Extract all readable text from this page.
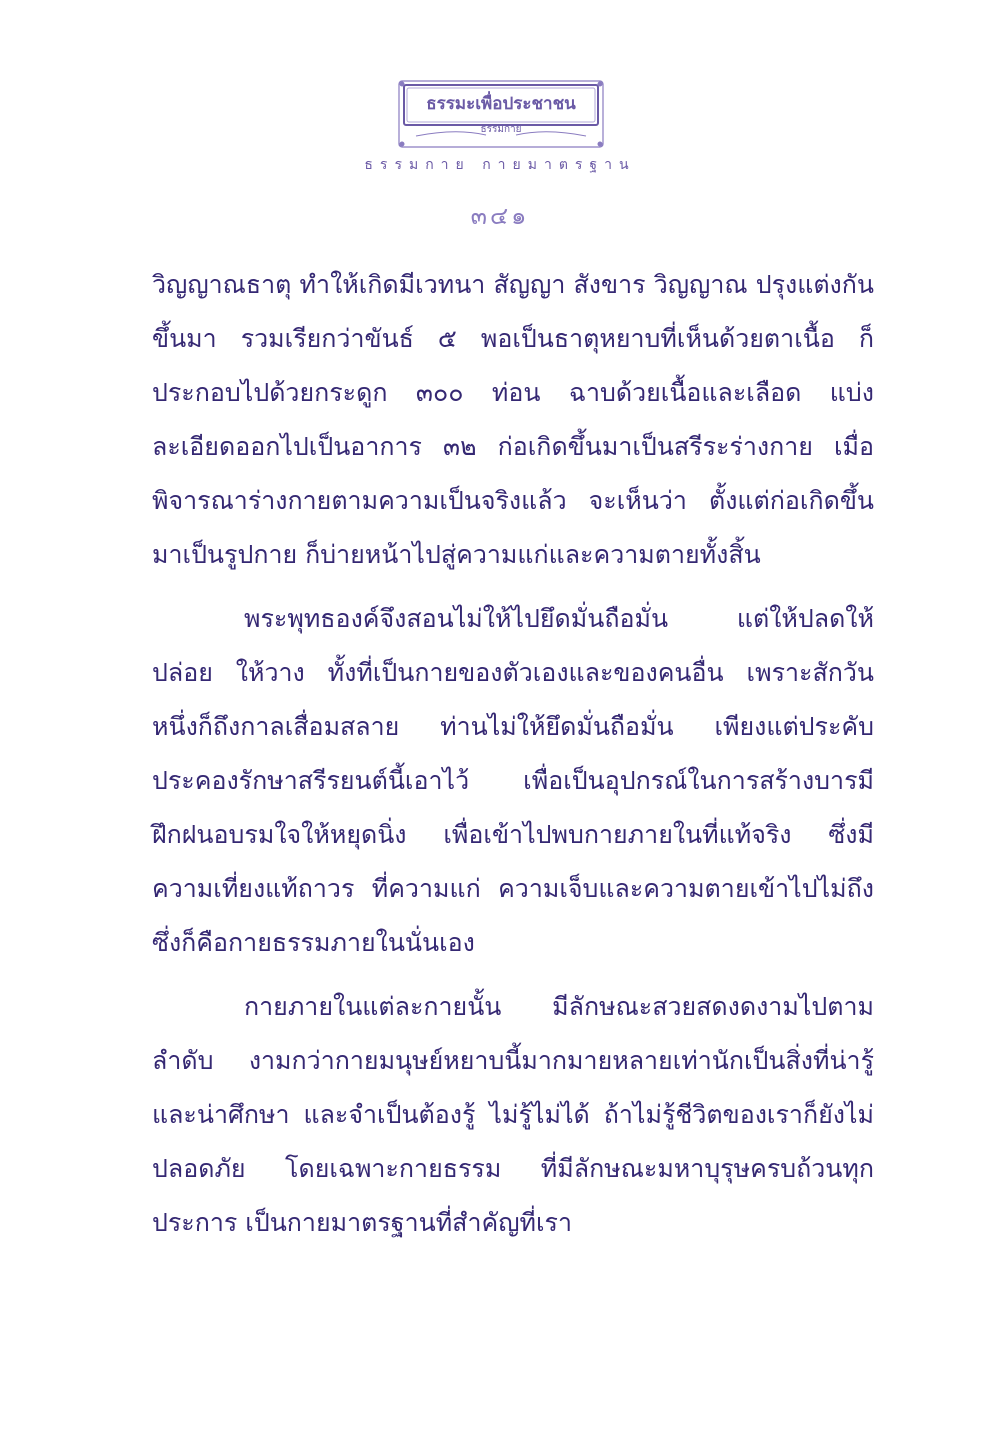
ธรรมะเพื่อประชาชน
ธรรมกาย
ธรรมกาย กายมาตรฐาน
๓๔๑

วิญญาณธาตุ ทำให้เกิดมีเวทนา สัญญา สังขาร วิญญาณ ปรุงแต่งกันขึ้นมา รวมเรียกว่าขันธ์ ๕ พอเป็นธาตุหยาบที่เห็นด้วยตาเนื้อ ก็ประกอบไปด้วยกระดูก ๓๐๐ ท่อน ฉาบด้วยเนื้อและเลือด แบ่งละเอียดออกไปเป็นอาการ ๓๒ ก่อเกิดขึ้นมาเป็นสรีระร่างกาย เมื่อพิจารณาร่างกายตามความเป็นจริงแล้ว จะเห็นว่า ตั้งแต่ก่อเกิดขึ้นมาเป็นรูปกาย ก็บ่ายหน้าไปสู่ความแก่และความตายทั้งสิ้น

พระพุทธองค์จึงสอนไม่ให้ไปยึดมั่นถือมั่น แต่ให้ปลดให้ปล่อย ให้วาง ทั้งที่เป็นกายของตัวเองและของคนอื่น เพราะสักวันหนึ่งก็ถึงกาลเสื่อมสลาย ท่านไม่ให้ยึดมั่นถือมั่น เพียงแต่ประคับประคองรักษาสรีรยนต์นี้เอาไว้ เพื่อเป็นอุปกรณ์ในการสร้างบารมี ฝึกฝนอบรมใจให้หยุดนิ่ง เพื่อเข้าไปพบกายภายในที่แท้จริง ซึ่งมีความเที่ยงแท้ถาวร ที่ความแก่ ความเจ็บและความตายเข้าไปไม่ถึง ซึ่งก็คือกายธรรมภายในนั่นเอง

กายภายในแต่ละกายนั้น มีลักษณะสวยสดงดงามไปตามลำดับ งามกว่ากายมนุษย์หยาบนี้มากมายหลายเท่านักเป็นสิ่งที่น่ารู้และน่าศึกษา และจำเป็นต้องรู้ ไม่รู้ไม่ได้ ถ้าไม่รู้ชีวิตของเราก็ยังไม่ปลอดภัย โดยเฉพาะกายธรรม ที่มีลักษณะมหาบุรุษครบถ้วนทุกประการ เป็นกายมาตรฐานที่สำคัญที่เรา
